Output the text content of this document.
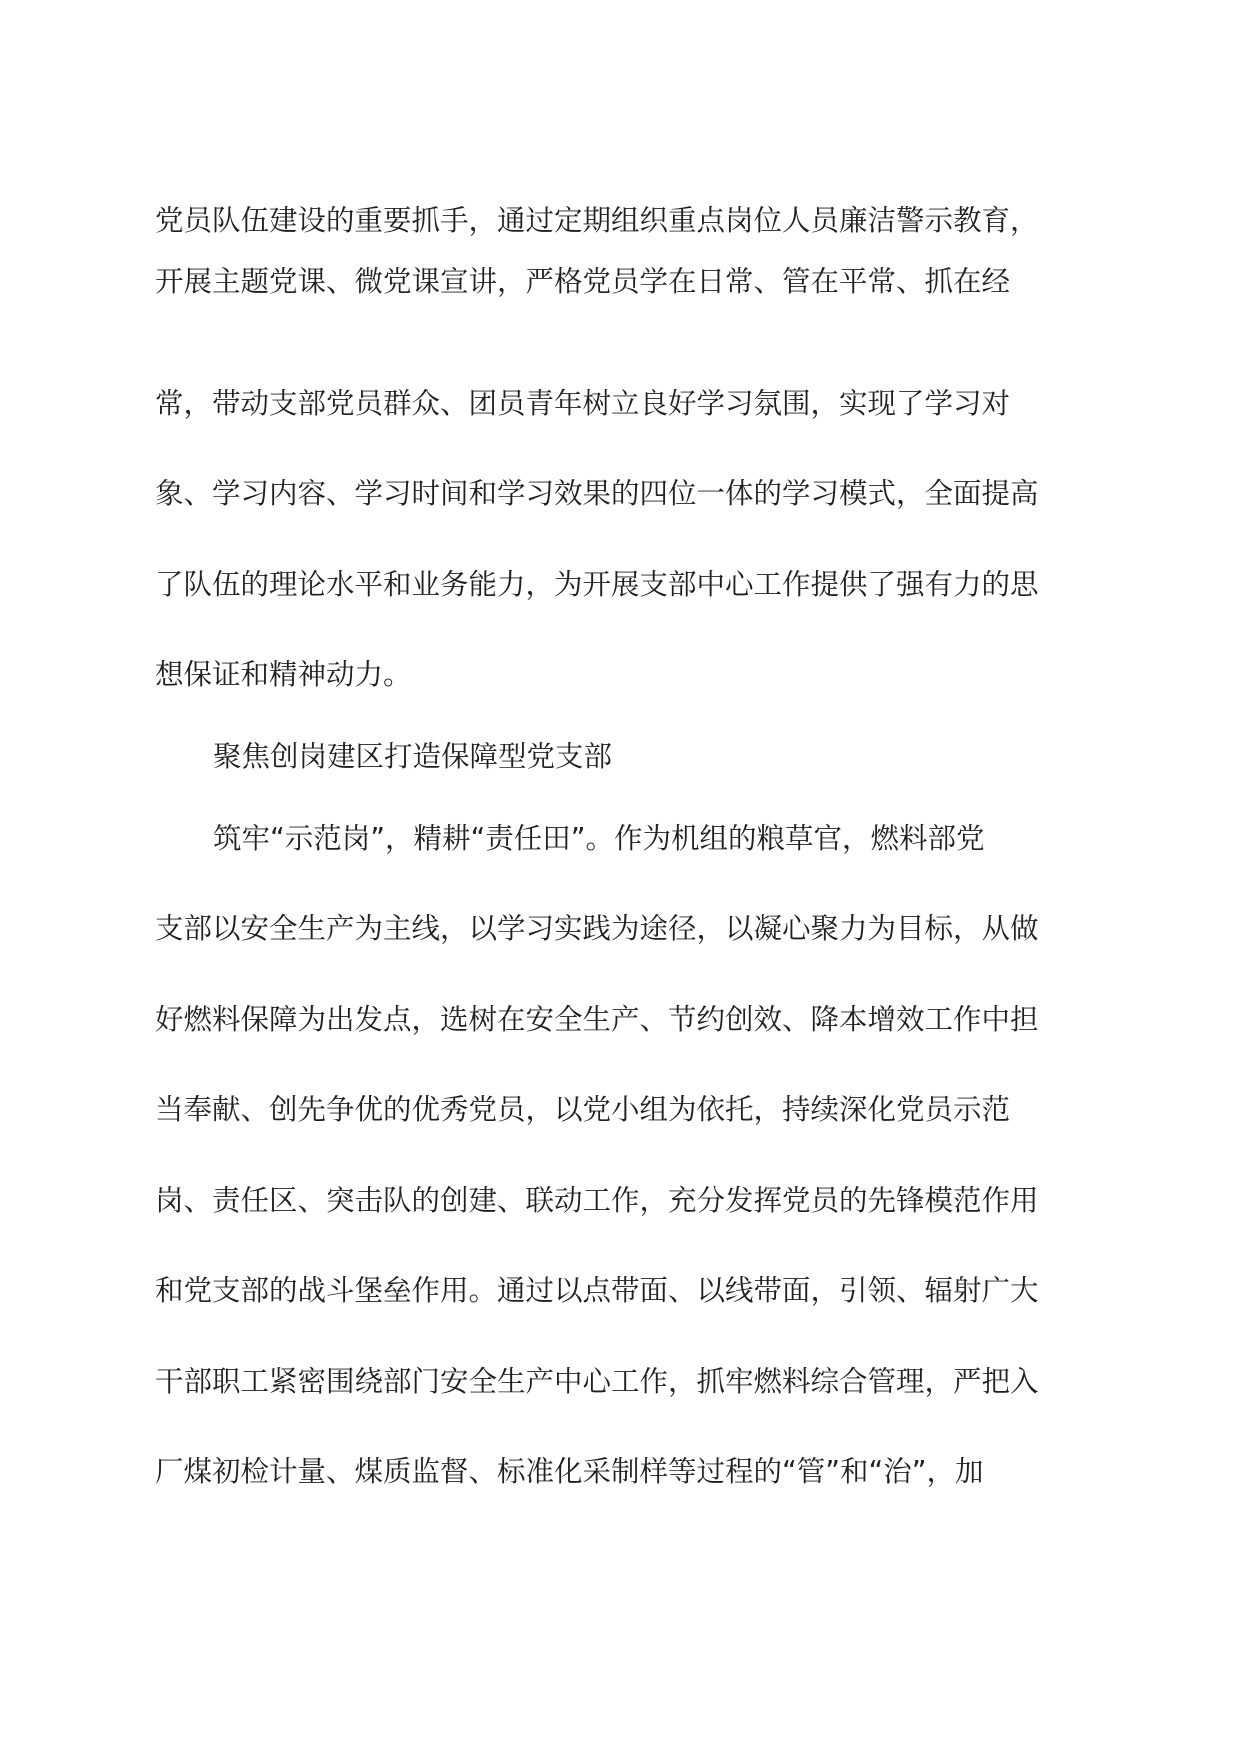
党员队伍建设的重要抓手，通过定期组织重点岗位人员廉洁警示教育，
开展主题党课、微党课宣讲，严格党员学在日常、管在平常、抓在经
常，带动支部党员群众、团员青年树立良好学习氛围，实现了学习对
象、学习内容、学习时间和学习效果的四位一体的学习模式，全面提高
了队伍的理论水平和业务能力，为开展支部中心工作提供了强有力的思
想保证和精神动力。
聚焦创岗建区打造保障型党支部
筑牢“示范岗”，精耕“责任田”。作为机组的粮草官，燃料部党
支部以安全生产为主线，以学习实践为途径，以凝心聚力为目标，从做
好燃料保障为出发点，选树在安全生产、节约创效、降本增效工作中担
当奉献、创先争优的优秀党员，以党小组为依托，持续深化党员示范
岗、责任区、突击队的创建、联动工作，充分发挥党员的先锋模范作用
和党支部的战斗堡垒作用。通过以点带面、以线带面，引领、辐射广大
干部职工紧密围绕部门安全生产中心工作，抓牢燃料综合管理，严把入
厂煤初检计量、煤质监督、标准化采制样等过程的“管”和“治”，加
